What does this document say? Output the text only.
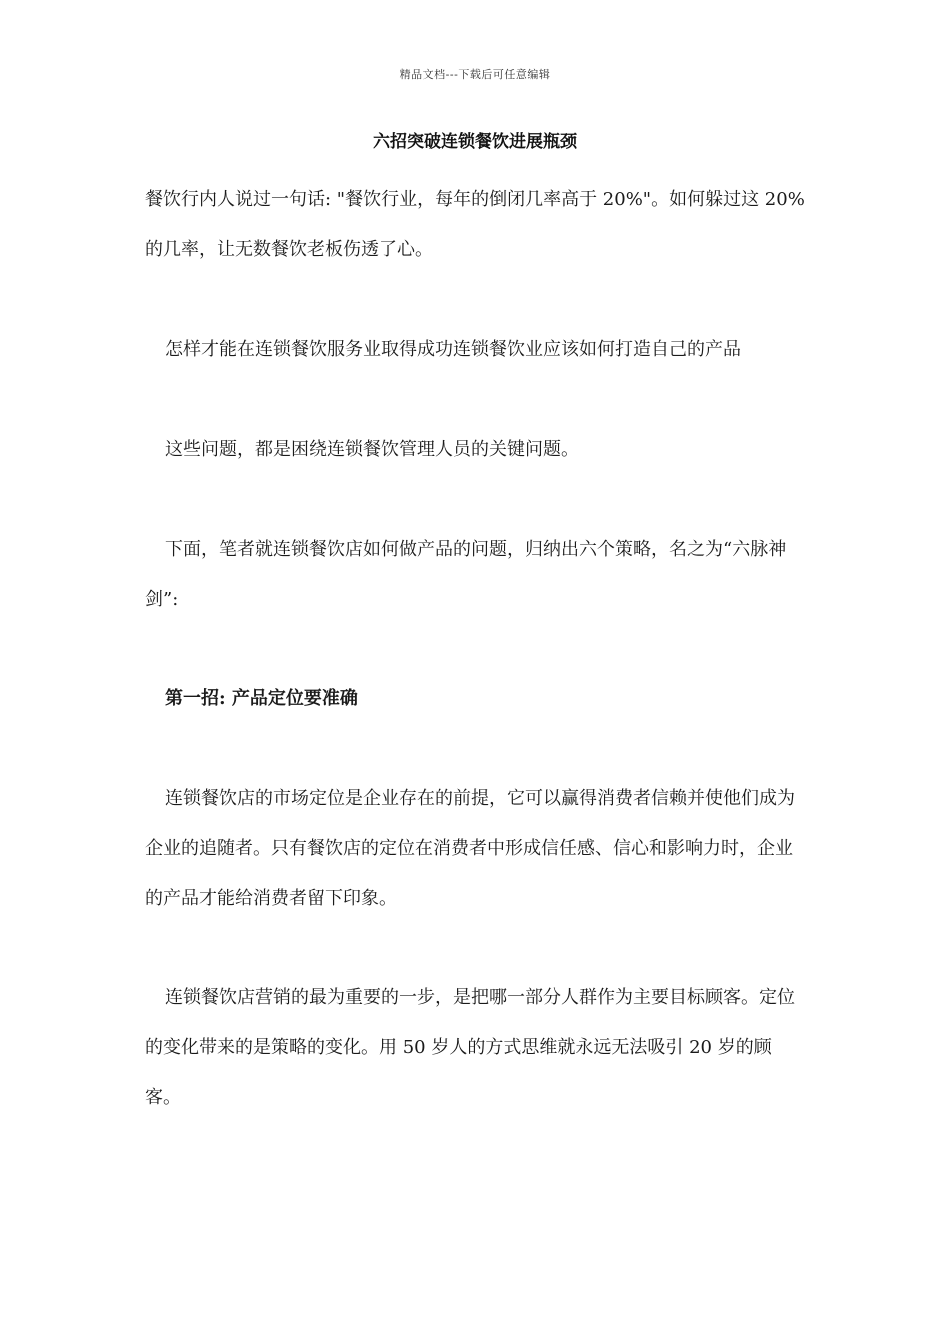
精品文档---下载后可任意编辑
六招突破连锁餐饮进展瓶颈

餐饮行内人说过一句话: "餐饮行业，每年的倒闭几率高于 20%"。如何躲过这 20%的几率，让无数餐饮老板伤透了心。

怎样才能在连锁餐饮服务业取得成功连锁餐饮业应该如何打造自己的产品

这些问题，都是困绕连锁餐饮管理人员的关键问题。

下面，笔者就连锁餐饮店如何做产品的问题，归纳出六个策略，名之为“六脉神剑”:

第一招: 产品定位要准确

连锁餐饮店的市场定位是企业存在的前提，它可以赢得消费者信赖并使他们成为企业的追随者。只有餐饮店的定位在消费者中形成信任感、信心和影响力时，企业的产品才能给消费者留下印象。

连锁餐饮店营销的最为重要的一步，是把哪一部分人群作为主要目标顾客。定位的变化带来的是策略的变化。用 50 岁人的方式思维就永远无法吸引 20 岁的顾客。
